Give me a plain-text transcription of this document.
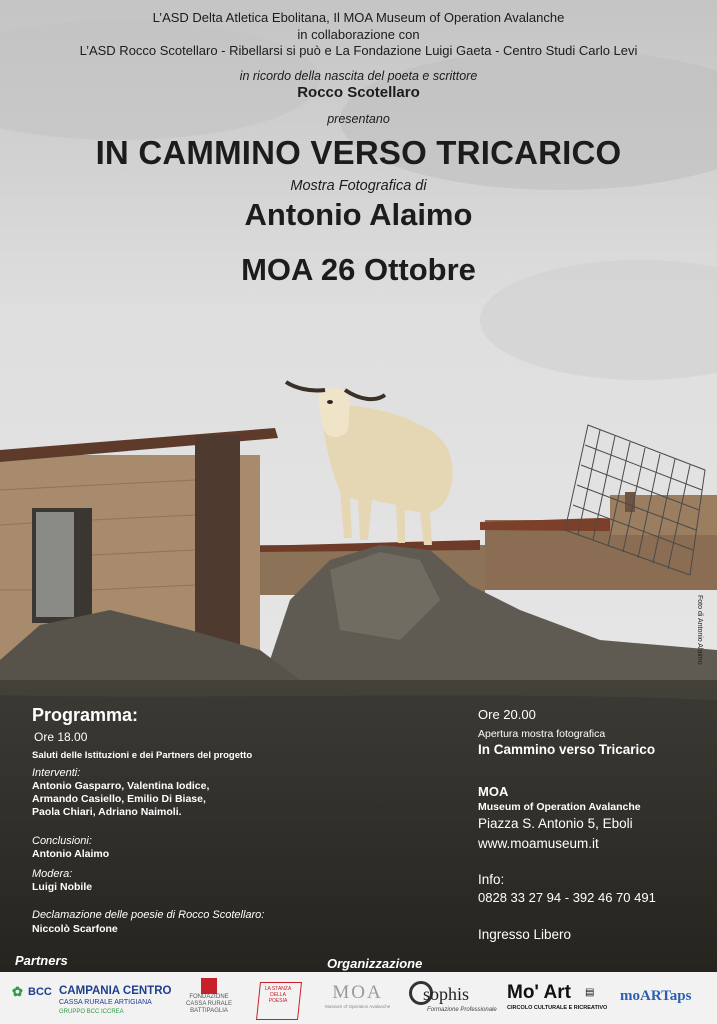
L’ASD Delta Atletica Ebolitana, Il MOA Museum of Operation Avalanche
in collaborazione con
L’ASD Rocco Scotellaro - Ribellarsi si può e La Fondazione Luigi Gaeta - Centro Studi Carlo Levi
in ricordo della nascita del poeta e scrittore
Rocco Scotellaro
presentano
IN CAMMINO VERSO TRICARICO
Mostra Fotografica di
Antonio Alaimo
MOA 26 Ottobre
Foto di Antonio Alaimo
Programma:
Ore 18.00
Saluti delle Istituzioni e dei Partners del progetto
Interventi:
Antonio Gasparro, Valentina Iodice,
Armando Casiello, Emilio Di Biase,
Paola Chiari, Adriano Naimoli.
Conclusioni:
Antonio Alaimo
Modera:
Luigi Nobile
Declamazione delle poesie di Rocco Scotellaro:
Niccolò Scarfone
Ore 20.00
Apertura mostra fotografica
In Cammino verso Tricarico
MOA
Museum of Operation Avalanche
Piazza S. Antonio 5, Eboli
www.moamuseum.it
Info:
0828 33 27 94 - 392 46 70 491
Ingresso Libero
Partners	Organizzazione
✿ BCC CAMPANIA CENTRO
CASSA RURALE ARTIGIANA
GRUPPO BCC ICCREA
FONDAZIONE
CASSA RURALE
BATTIPAGLIA
LA STANZA
DELLA
POESIA	MOA
Museum of Operation Avalanche
sophis
Formazione Professionale
Mo' Art ▤
CIRCOLO CULTURALE E RICREATIVO
moARTaps
